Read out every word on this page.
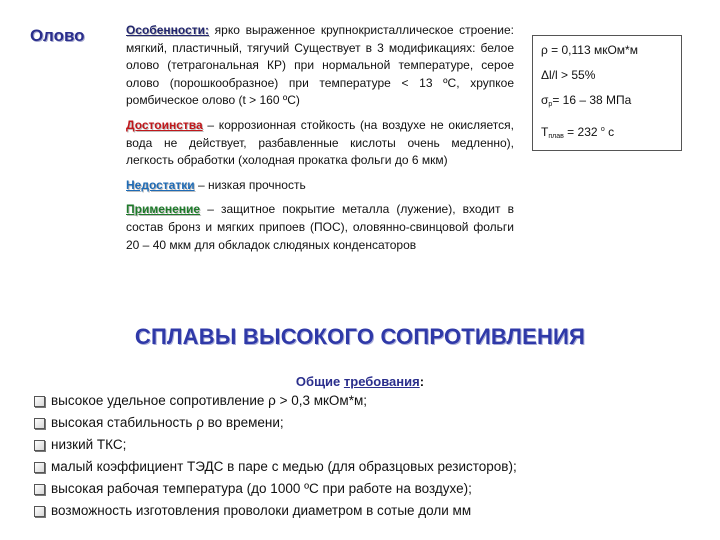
Олово	Особенности: ярко выраженное крупнокристаллическое строение: мягкий, пластичный, тягучий Существует в 3 модификациях: белое олово (тетрагональная КР) при нормальной температуре, серое олово (порошкообразное) при температуре < 13 ºС, хрупкое ромбическое олово (t > 160 ºС)

Достоинства – коррозионная стойкость (на воздухе не окисляется, вода не действует, разбавленные кислоты очень медленно), легкость обработки (холодная прокатка фольги до 6 мкм)

Недостатки – низкая прочность

Применение – защитное покрытие металла (лужение), входит в состав бронз и мягких припоев (ПОС), оловянно-свинцовой фольги 20 – 40 мкм для обкладок слюдяных конденсаторов

ρ = 0,113 мкОм*м
Δl/l > 55%
$\sigma_р= 16 - 38$ МПа
$T_{плав} = 232$ $^о$ с
СПЛАВЫ ВЫСОКОГО СОПРОТИВЛЕНИЯ
Общие требования:
высокое удельное сопротивление ρ > 0,3 мкОм*м;
высокая стабильность ρ во времени;
низкий ТКС;
малый коэффициент ТЭДС в паре с медью (для образцовых резисторов);
высокая рабочая температура (до 1000 ºС при работе на воздухе);
возможность изготовления проволоки диаметром в сотые доли мм
